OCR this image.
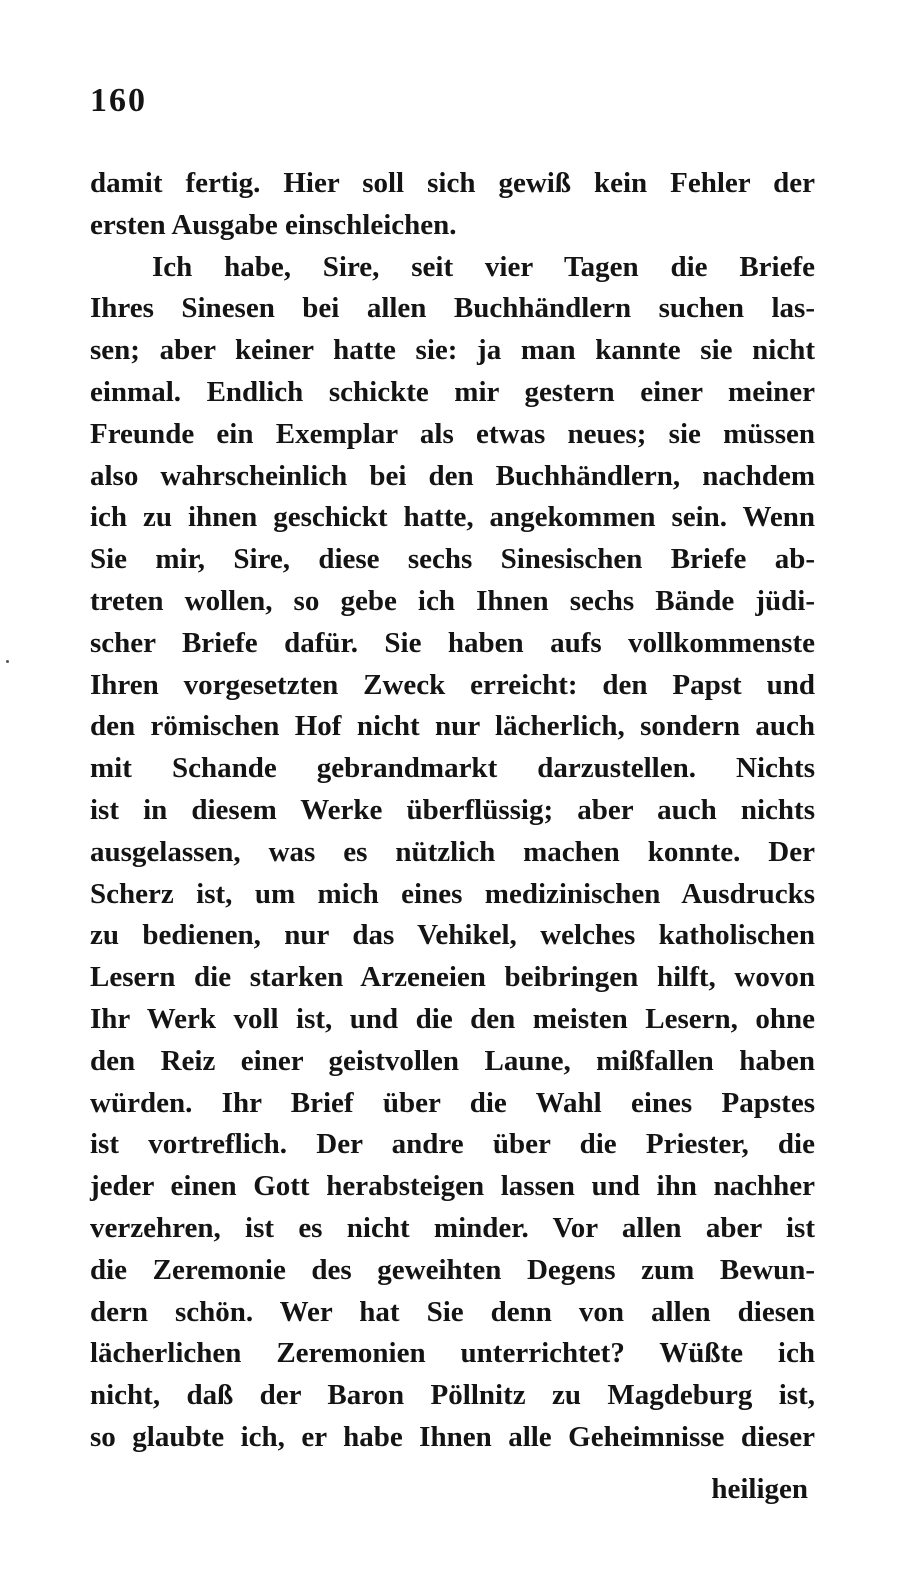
160
damit fertig. Hier soll sich gewiß kein Fehler der
ersten Ausgabe einschleichen.
Ich habe, Sire, seit vier Tagen die Briefe
Ihres Sinesen bei allen Buchhändlern suchen las-
sen; aber keiner hatte sie: ja man kannte sie nicht
einmal. Endlich schickte mir gestern einer meiner
Freunde ein Exemplar als etwas neues; sie müssen
also wahrscheinlich bei den Buchhändlern, nachdem
ich zu ihnen geschickt hatte, angekommen sein. Wenn
Sie mir, Sire, diese sechs Sinesischen Briefe ab-
treten wollen, so gebe ich Ihnen sechs Bände jüdi-
scher Briefe dafür. Sie haben aufs vollkommenste
Ihren vorgesetzten Zweck erreicht: den Papst und
den römischen Hof nicht nur lächerlich, sondern auch
mit Schande gebrandmarkt darzustellen. Nichts
ist in diesem Werke überflüssig; aber auch nichts
ausgelassen, was es nützlich machen konnte. Der
Scherz ist, um mich eines medizinischen Ausdrucks
zu bedienen, nur das Vehikel, welches katholischen
Lesern die starken Arzeneien beibringen hilft, wovon
Ihr Werk voll ist, und die den meisten Lesern, ohne
den Reiz einer geistvollen Laune, mißfallen haben
würden. Ihr Brief über die Wahl eines Papstes
ist vortreflich. Der andre über die Priester, die
jeder einen Gott herabsteigen lassen und ihn nachher
verzehren, ist es nicht minder. Vor allen aber ist
die Zeremonie des geweihten Degens zum Bewun-
dern schön. Wer hat Sie denn von allen diesen
lächerlichen Zeremonien unterrichtet? Wüßte ich
nicht, daß der Baron Pöllnitz zu Magdeburg ist,
so glaubte ich, er habe Ihnen alle Geheimnisse dieser
heiligen
